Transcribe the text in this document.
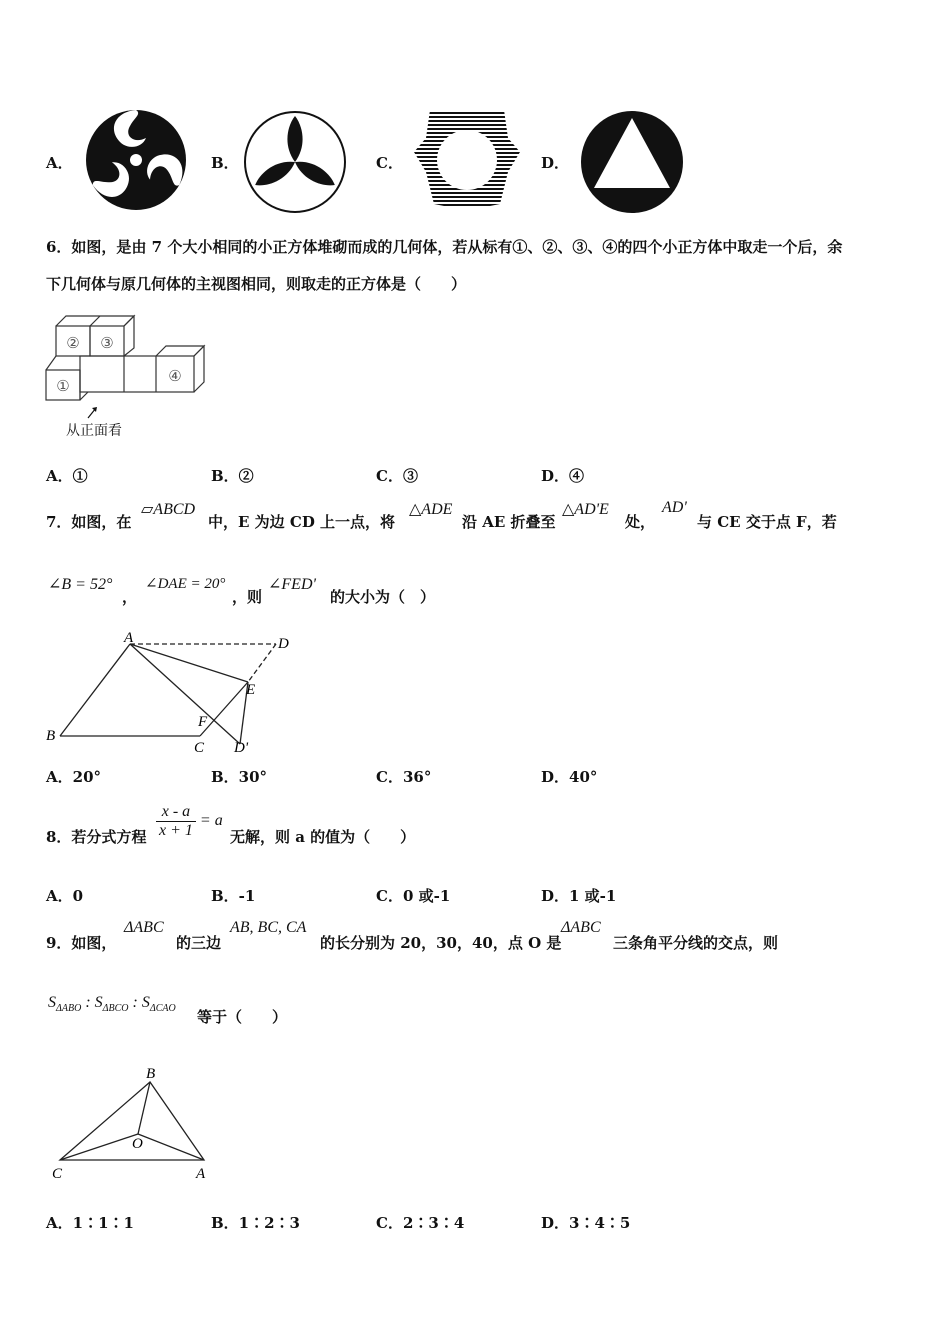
A．	B．	C．	D．
6．如图，是由 7 个大小相同的小正方体堆砌而成的几何体，若从标有①、②、③、④的四个小正方体中取走一个后，余
下几何体与原几何体的主视图相同，则取走的正方体是（　　）
② ③
①
④
从正面看
A．①	B．②	C．③	D．④
7．如图，在
▱ABCD
中，E 为边 CD 上一点，将
△ADE
沿 AE 折叠至
△AD'E
处，
AD'
与 CE 交于点 F，若
∠B = 52°
，
∠DAE = 20°
，则
∠FED'
的大小为（　）
A
B
C
D
E
F
D'
A．20°	B．30°	C．36°	D．40°
8．若分式方程 $\frac{x - a}{x + 1} = a$
无解，则 a 的值为（　　）
A．0	B．-1	C．0 或-1	D．1 或-1
9．如图，
ΔABC
的三边
AB, BC, CA
的长分别为 20，30，40，点 O 是
ΔABC
三条角平分线的交点，则
$S_{\Delta ABO}$ : $S_{\Delta BCO}$ : $S_{\Delta CAO}$ 等于（　　）
B
C	A
O
A．1∶1∶1	B．1∶2∶3	C．2∶3∶4	D．3∶4∶5
